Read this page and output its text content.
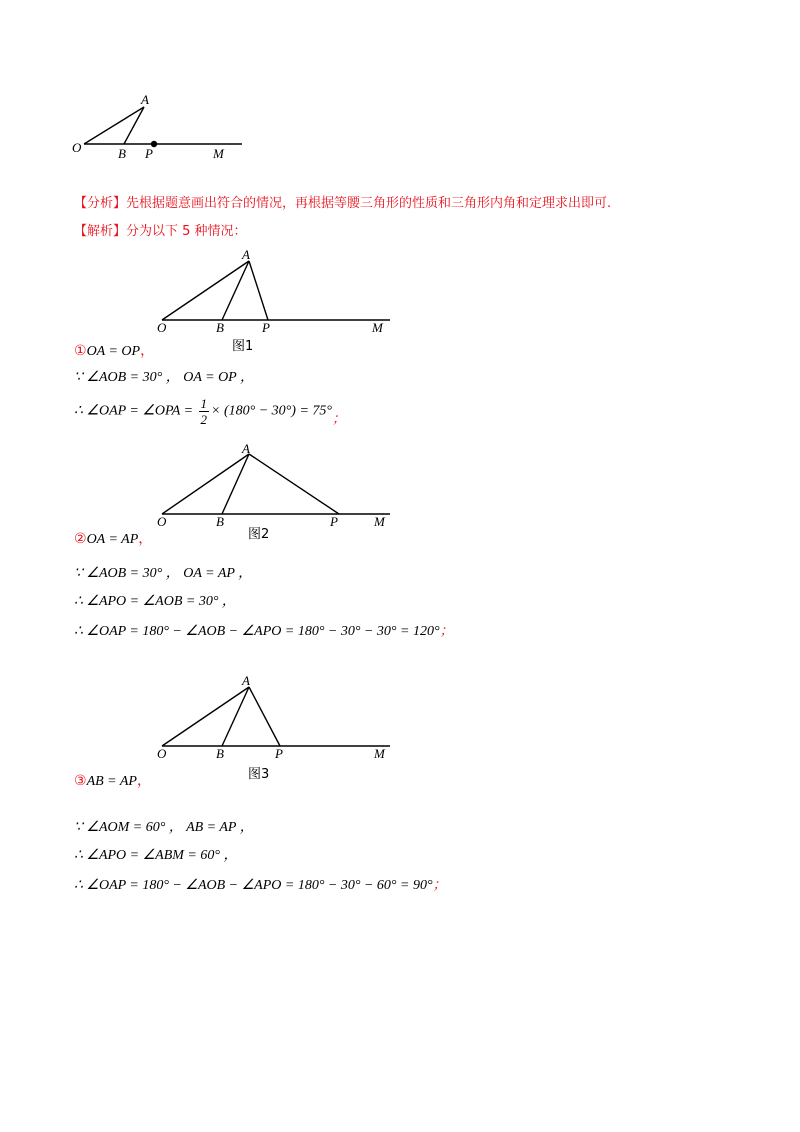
A
O	B P	M
【分析】先根据题意画出符合的情况，再根据等腰三角形的性质和三角形内角和定理求出即可.
【解析】分为以下 5 种情况：
A
O	B	P	M
图1
①OA = OP，
∵ ∠AOB = 30° ， OA = OP ，
∴ ∠OAP = ∠OPA = $\frac{1}{2} \times (180^\circ - 30^\circ) = 75^\circ$；
A
O	B	P	M
图2
②OA = AP，
∵ ∠AOB = 30° ， OA = AP ，
∴ ∠APO = ∠AOB = 30° ，
∴ ∠OAP = 180° − ∠AOB − ∠APO = 180° − 30° − 30° = 120°；
A
O	B	P	M
图3
③AB = AP，
∵ ∠AOM = 60° ， AB = AP ，
∴ ∠APO = ∠ABM = 60° ，
∴ ∠OAP = 180° − ∠AOB − ∠APO = 180° − 30° − 60° = 90°；
